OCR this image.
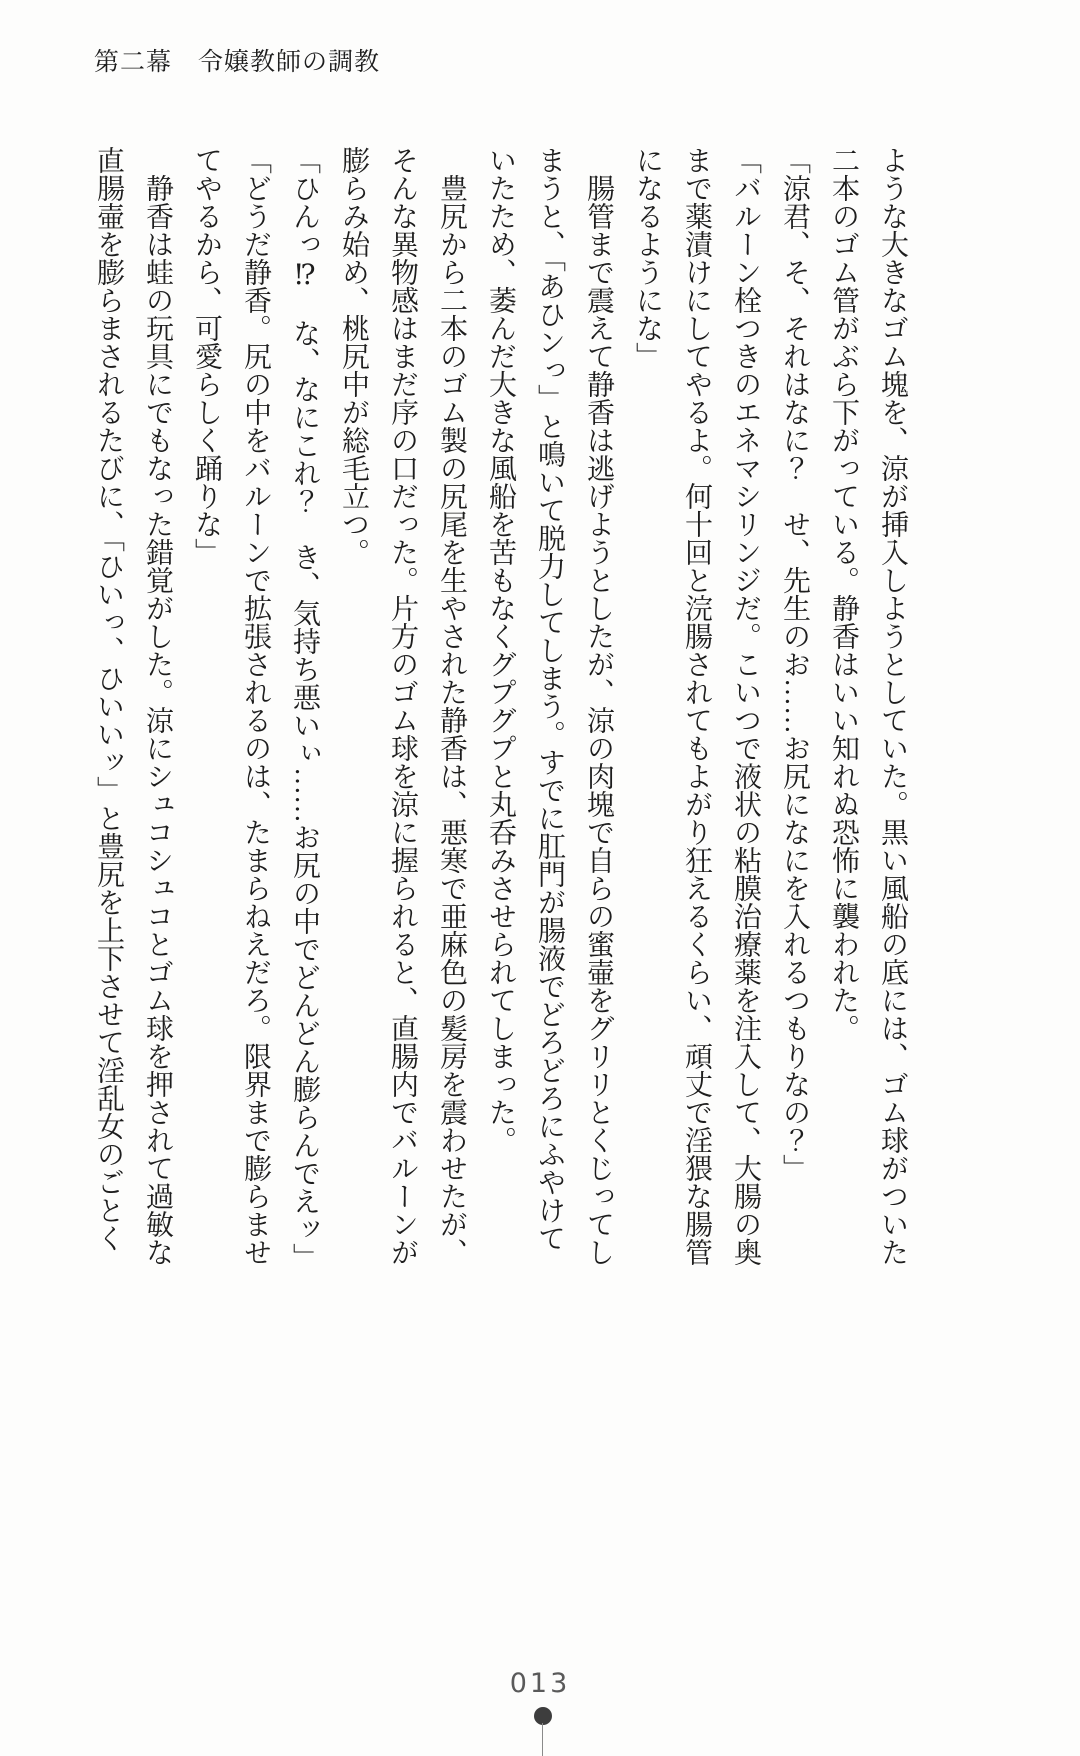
第二幕　令嬢教師の調教

ような大きなゴム塊を、涼が挿入しようとしていた。黒い風船の底には、ゴム球がついた二本のゴム管がぶら下がっている。静香はいい知れぬ恐怖に襲われた。

「涼君、そ、それはなに？　せ、先生のお……お尻になにを入れるつもりなの？」

「バルーン栓つきのエネマシリンジだ。こいつで液状の粘膜治療薬を注入して、大腸の奥まで薬漬けにしてやるよ。何十回と浣腸されてもよがり狂えるくらい、頑丈で淫猥な腸管になるようにな」

腸管まで震えて静香は逃げようとしたが、涼の肉塊で自らの蜜壷をグリリとくじってしまうと、「あひンっ」と鳴いて脱力してしまう。すでに肛門が腸液でどろどろにふやけていたため、萎んだ大きな風船を苦もなくグプグプと丸呑みさせられてしまった。

豊尻から二本のゴム製の尻尾を生やされた静香は、悪寒で亜麻色の髪房を震わせたが、そんな異物感はまだ序の口だった。片方のゴム球を涼に握られると、直腸内でバルーンが膨らみ始め、桃尻中が総毛立つ。

「ひんっ⁉　な、なにこれ？　き、気持ち悪いぃ……お尻の中でどんどん膨らんでえッ」

「どうだ静香。尻の中をバルーンで拡張されるのは、たまらねえだろ。限界まで膨らませてやるから、可愛らしく踊りな」

静香は蛙の玩具にでもなった錯覚がした。涼にシュコシュコとゴム球を押されて過敏な直腸壷を膨らまされるたびに、「ひいっ、ひいいッ」と豊尻を上下させて淫乱女のごとく

013
